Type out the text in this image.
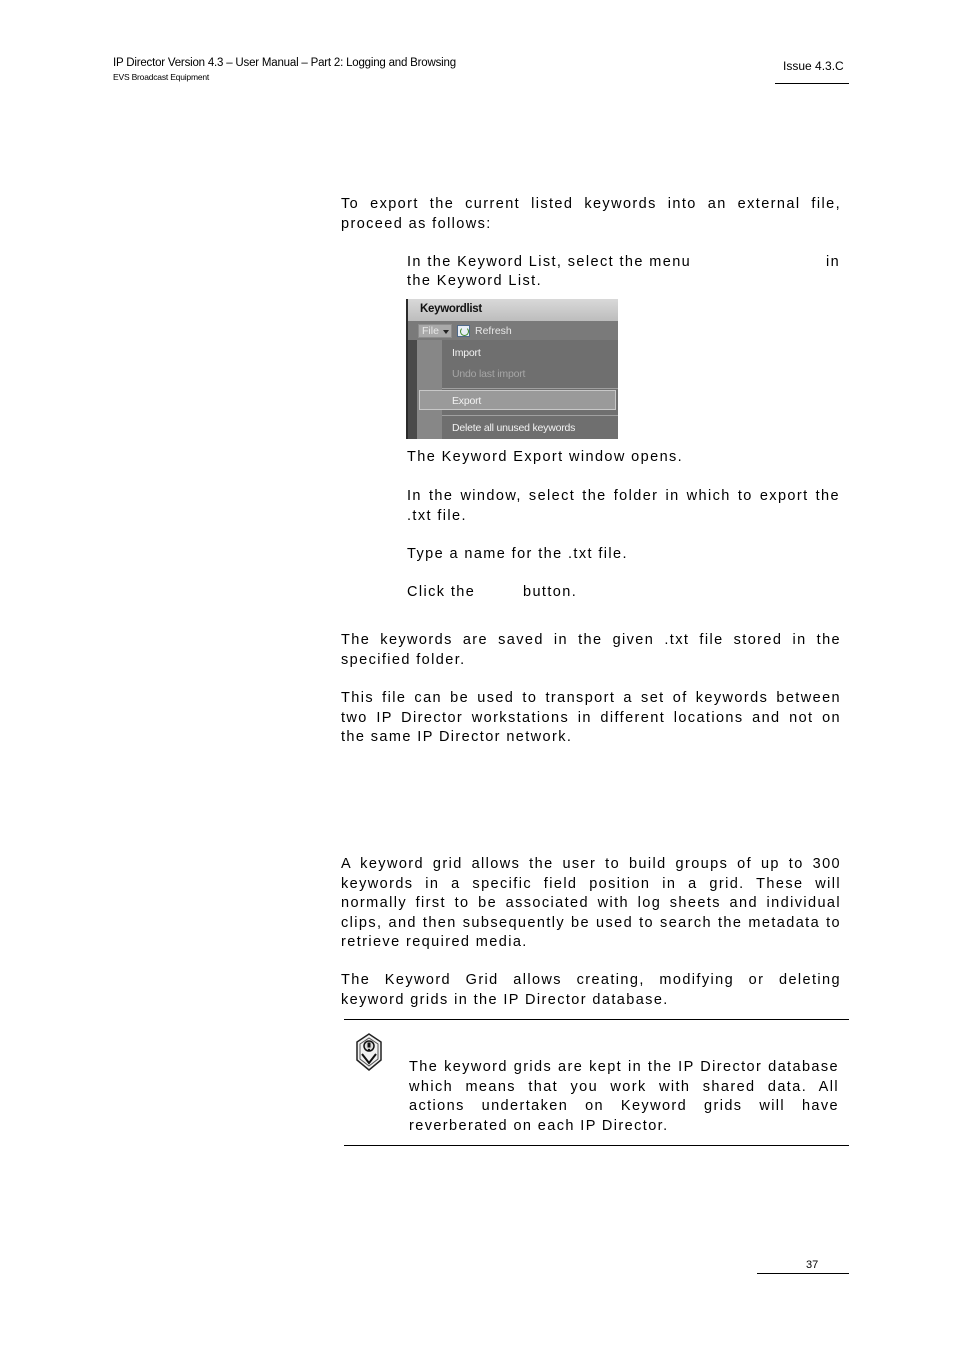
IP Director Version 4.3 – User Manual – Part 2: Logging and Browsing
EVS Broadcast Equipment
Issue 4.3.C
To export the current listed keywords into an external file, proceed as follows:
In the Keyword List, select the menu	in
the Keyword List.
Keywordlist
File	Refresh
Import
Undo last import
Export
Delete all unused keywords
The Keyword Export window opens.
In the window, select the folder in which to export the .txt file.
Type a name for the .txt file.
Click the	button.
The keywords are saved in the given .txt file stored in the specified folder.
This file can be used to transport a set of keywords between two IP Director workstations in different locations and not on the same IP Director network.
A keyword grid allows the user to build groups of up to 300 keywords in a specific field position in a grid. These will normally first to be associated with log sheets and individual clips, and then subsequently be used to search the metadata to retrieve required media.
The Keyword Grid allows creating, modifying or deleting keyword grids in the IP Director database.
The keyword grids are kept in the IP Director database which means that you work with shared data. All actions undertaken on Keyword grids will have reverberated on each IP Director.
37
